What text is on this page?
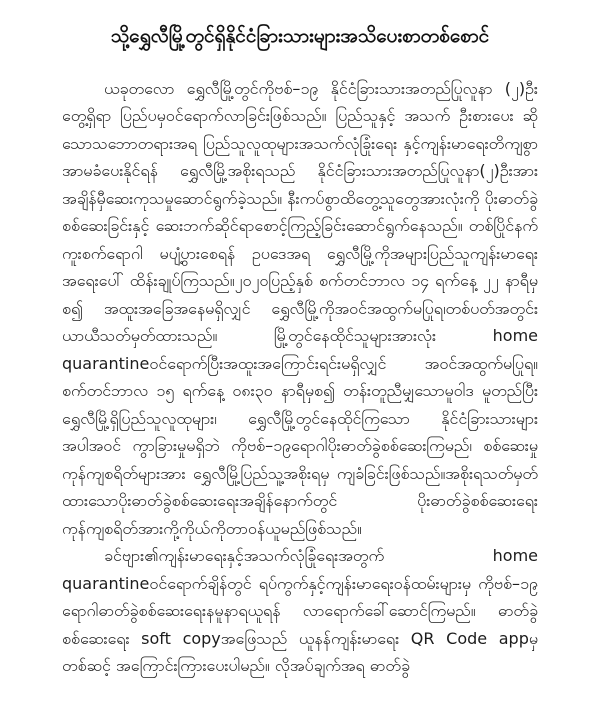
သို့ရွှေလီမြို့တွင်ရှိနိုင်ငံခြားသားများအသိပေးစာတစ်စောင်

ယခုတလော ရွှေလီမြို့တွင်ကိုဗစ်–၁၉ နိုင်ငံခြားသားအတည်ပြုလူနာ (၂)ဦးတွေ့ရှိရာ ပြည်ပမှဝင်ရောက်လာခြင်းဖြစ်သည်။ ပြည်သူနှင့် အသက် ဦးစားပေး ဆိုသောသဘောတရားအရ ပြည်သူလူထုများအသက်လုံခြုံးရေး နှင့်ကျန်းမာရေးတိကျစွာအာမခံပေးနိုင်ရန် ရွှေလီမြို့အစိုးရသည် နိုင်ငံခြားသားအတည်ပြုလူနာ(၂)ဦးအား အချိန်မှီဆေးကုသမှုဆောင်ရွက်ခဲ့သည်။ နီးကပ်စွာထိတွေ့သူတွေအားလုံးကို ပိုးဓာတ်ခွဲစစ်ဆေးခြင်းနှင့် ဆေးဘက်ဆိုင်ရာစောင့်ကြည့်ခြင်းဆောင်ရွက်နေသည်။ တစ်ပြိုင်နက် ကူးစက်ရောဂါ မပျံ့ပွားစေရန် ဥပဒေအရ ရွှေလီမြို့ကိုအများပြည်သူကျန်းမာရေးအရေးပေါ် ထိန်းချုပ်ကြသည်။၂၀၂၀ပြည့်နှစ် စက်တင်ဘာလ ၁၄ ရက်နေ့ ၂၂ နာရီမှစ၍ အထူးအခြေအနေမရှိလျှင် ရွှေလီမြို့ကိုအဝင်အထွက်မပြုရ၊တစ်ပတ်အတွင်း ယာယီသတ်မှတ်ထားသည်။ မြို့တွင်နေထိုင်သူများအားလုံး home quarantineဝင်ရောက်ပြီးအထူးအကြောင်းရင်းမရှိလျှင် အဝင်အထွက်မပြုရ။ စက်တင်ဘာလ ၁၅ ရက်နေ့ ၀၈း၃၀ နာရီမှစ၍ တန်းတူညီမျှသောမူဝါဒ မူတည်ပြီး ရွှေလီမြို့ရှိပြည်သူလူထုများ၊ ရွှေလီမြို့တွင်နေထိုင်ကြသော နိုင်ငံခြားသားများအပါအဝင် ကွာခြားမှုမရှိဘဲ ကိုဗစ်–၁၉ရောဂါပိုးဓာတ်ခွဲစစ်ဆေးကြမည်၊ စစ်ဆေးမှုကုန်ကျစရိတ်များအား ရွှေလီမြို့ပြည်သူ့အစိုးရမှ ကျခံခြင်းဖြစ်သည်။အစိုးရသတ်မှတ်ထားသောပိုးဓာတ်ခွဲစစ်ဆေးရေးအချိန်နောက်တွင် ပိုးဓာတ်ခွဲစစ်ဆေးရေးကုန်ကျစရိတ်အားကို့ကိုယ်ကိုတာဝန်ယူမည်ဖြစ်သည်။

ခင်ဗျား၏ကျန်းမာရေးနှင့်အသက်လုံခြုံရေးအတွက် home quarantineဝင်ရောက်ချိန်တွင် ရပ်ကွက်နှင့်ကျန်းမာရေးဝန်ထမ်းများမှ ကိုဗစ်–၁၉ ရောဂါဓာတ်ခွဲစစ်ဆေးရေးနမူနာရယူရန် လာရောက်ခေါ်ဆောင်ကြမည်။ ဓာတ်ခွဲစစ်ဆေးရေး soft copyအဖြေသည် ယူနန်ကျန်းမာရေး QR Code appမှတစ်ဆင့် အကြောင်းကြားပေးပါမည်။ လိုအပ်ချက်အရ ဓာတ်ခွဲ
